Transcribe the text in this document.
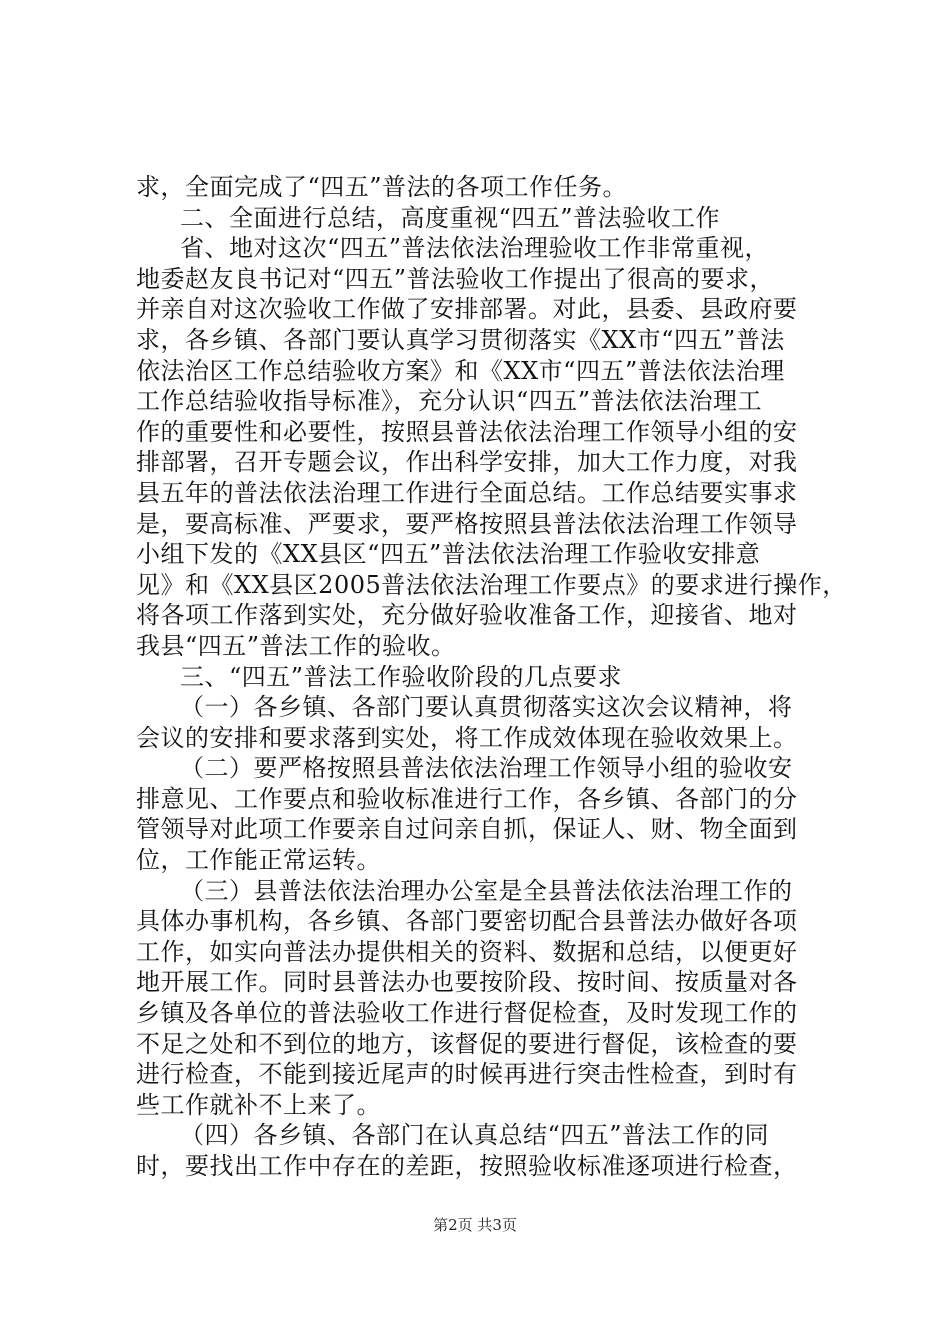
求，全面完成了“四五”普法的各项工作任务。
二、全面进行总结，高度重视“四五”普法验收工作
省、地对这次“四五”普法依法治理验收工作非常重视，
地委赵友良书记对“四五”普法验收工作提出了很高的要求，
并亲自对这次验收工作做了安排部署。对此，县委、县政府要
求，各乡镇、各部门要认真学习贯彻落实《XX市“四五”普法
依法治区工作总结验收方案》和《XX市“四五”普法依法治理
工作总结验收指导标准》，充分认识“四五”普法依法治理工
作的重要性和必要性，按照县普法依法治理工作领导小组的安
排部署，召开专题会议，作出科学安排，加大工作力度，对我
县五年的普法依法治理工作进行全面总结。工作总结要实事求
是，要高标准、严要求，要严格按照县普法依法治理工作领导
小组下发的《XX县区“四五”普法依法治理工作验收安排意
见》和《XX县区2005普法依法治理工作要点》的要求进行操作，
将各项工作落到实处，充分做好验收准备工作，迎接省、地对
我县“四五”普法工作的验收。
三、“四五”普法工作验收阶段的几点要求
（一）各乡镇、各部门要认真贯彻落实这次会议精神，将
会议的安排和要求落到实处，将工作成效体现在验收效果上。
（二）要严格按照县普法依法治理工作领导小组的验收安
排意见、工作要点和验收标准进行工作，各乡镇、各部门的分
管领导对此项工作要亲自过问亲自抓，保证人、财、物全面到
位，工作能正常运转。
（三）县普法依法治理办公室是全县普法依法治理工作的
具体办事机构，各乡镇、各部门要密切配合县普法办做好各项
工作，如实向普法办提供相关的资料、数据和总结，以便更好
地开展工作。同时县普法办也要按阶段、按时间、按质量对各
乡镇及各单位的普法验收工作进行督促检查，及时发现工作的
不足之处和不到位的地方，该督促的要进行督促，该检查的要
进行检查，不能到接近尾声的时候再进行突击性检查，到时有
些工作就补不上来了。
（四）各乡镇、各部门在认真总结“四五”普法工作的同
时，要找出工作中存在的差距，按照验收标准逐项进行检查，
第2页 共3页
